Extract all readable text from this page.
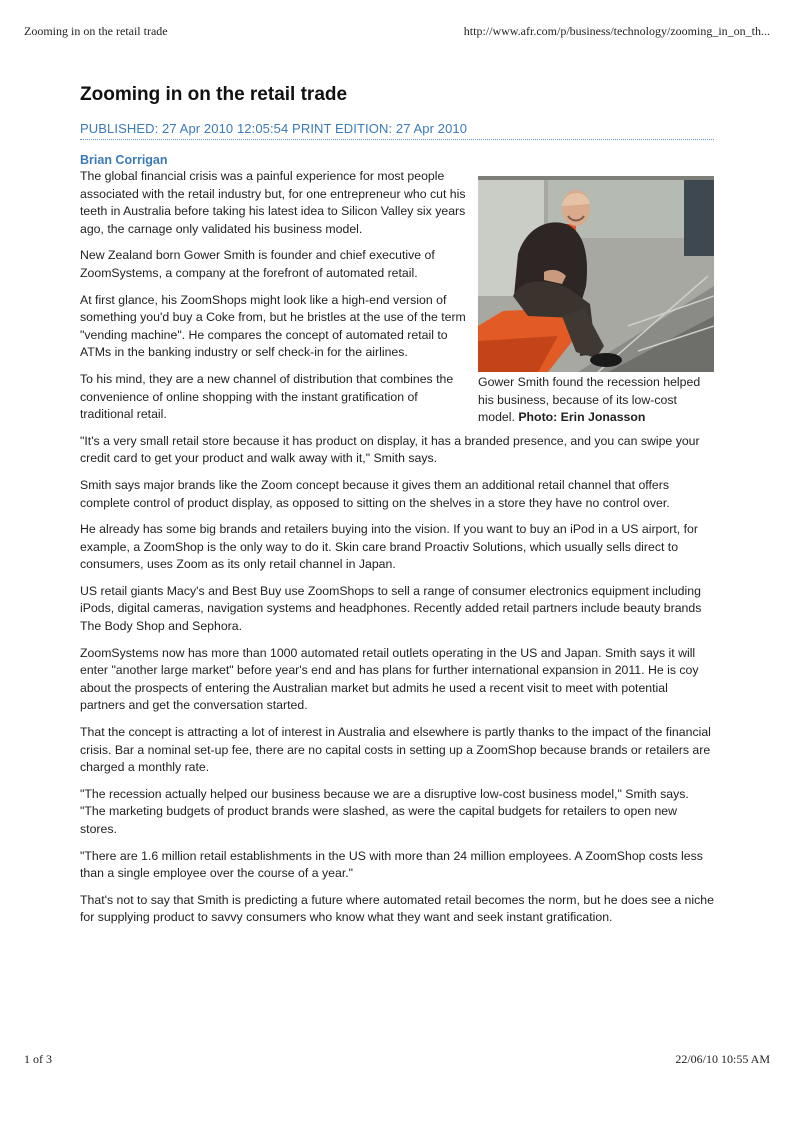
Zooming in on the retail trade	http://www.afr.com/p/business/technology/zooming_in_on_th...
Zooming in on the retail trade
PUBLISHED: 27 Apr 2010 12:05:54 PRINT EDITION: 27 Apr 2010
Brian Corrigan
Gower Smith found the recession helped his business, because of its low-cost model. Photo: Erin Jonasson

The global financial crisis was a painful experience for most people associated with the retail industry but, for one entrepreneur who cut his teeth in Australia before taking his latest idea to Silicon Valley six years ago, the carnage only validated his business model.

New Zealand born Gower Smith is founder and chief executive of ZoomSystems, a company at the forefront of automated retail.

At first glance, his ZoomShops might look like a high-end version of something you'd buy a Coke from, but he bristles at the use of the term "vending machine". He compares the concept of automated retail to ATMs in the banking industry or self check-in for the airlines.

To his mind, they are a new channel of distribution that combines the convenience of online shopping with the instant gratification of traditional retail.

"It's a very small retail store because it has product on display, it has a branded presence, and you can swipe your credit card to get your product and walk away with it," Smith says.

Smith says major brands like the Zoom concept because it gives them an additional retail channel that offers complete control of product display, as opposed to sitting on the shelves in a store they have no control over.

He already has some big brands and retailers buying into the vision. If you want to buy an iPod in a US airport, for example, a ZoomShop is the only way to do it. Skin care brand Proactiv Solutions, which usually sells direct to consumers, uses Zoom as its only retail channel in Japan.

US retail giants Macy's and Best Buy use ZoomShops to sell a range of consumer electronics equipment including iPods, digital cameras, navigation systems and headphones. Recently added retail partners include beauty brands The Body Shop and Sephora.

ZoomSystems now has more than 1000 automated retail outlets operating in the US and Japan. Smith says it will enter "another large market" before year's end and has plans for further international expansion in 2011. He is coy about the prospects of entering the Australian market but admits he used a recent visit to meet with potential partners and get the conversation started.

That the concept is attracting a lot of interest in Australia and elsewhere is partly thanks to the impact of the financial crisis. Bar a nominal set-up fee, there are no capital costs in setting up a ZoomShop because brands or retailers are charged a monthly rate.

"The recession actually helped our business because we are a disruptive low-cost business model," Smith says. "The marketing budgets of product brands were slashed, as were the capital budgets for retailers to open new stores.

"There are 1.6 million retail establishments in the US with more than 24 million employees. A ZoomShop costs less than a single employee over the course of a year."

That's not to say that Smith is predicting a future where automated retail becomes the norm, but he does see a niche for supplying product to savvy consumers who know what they want and seek instant gratification.

1 of 3	22/06/10 10:55 AM
